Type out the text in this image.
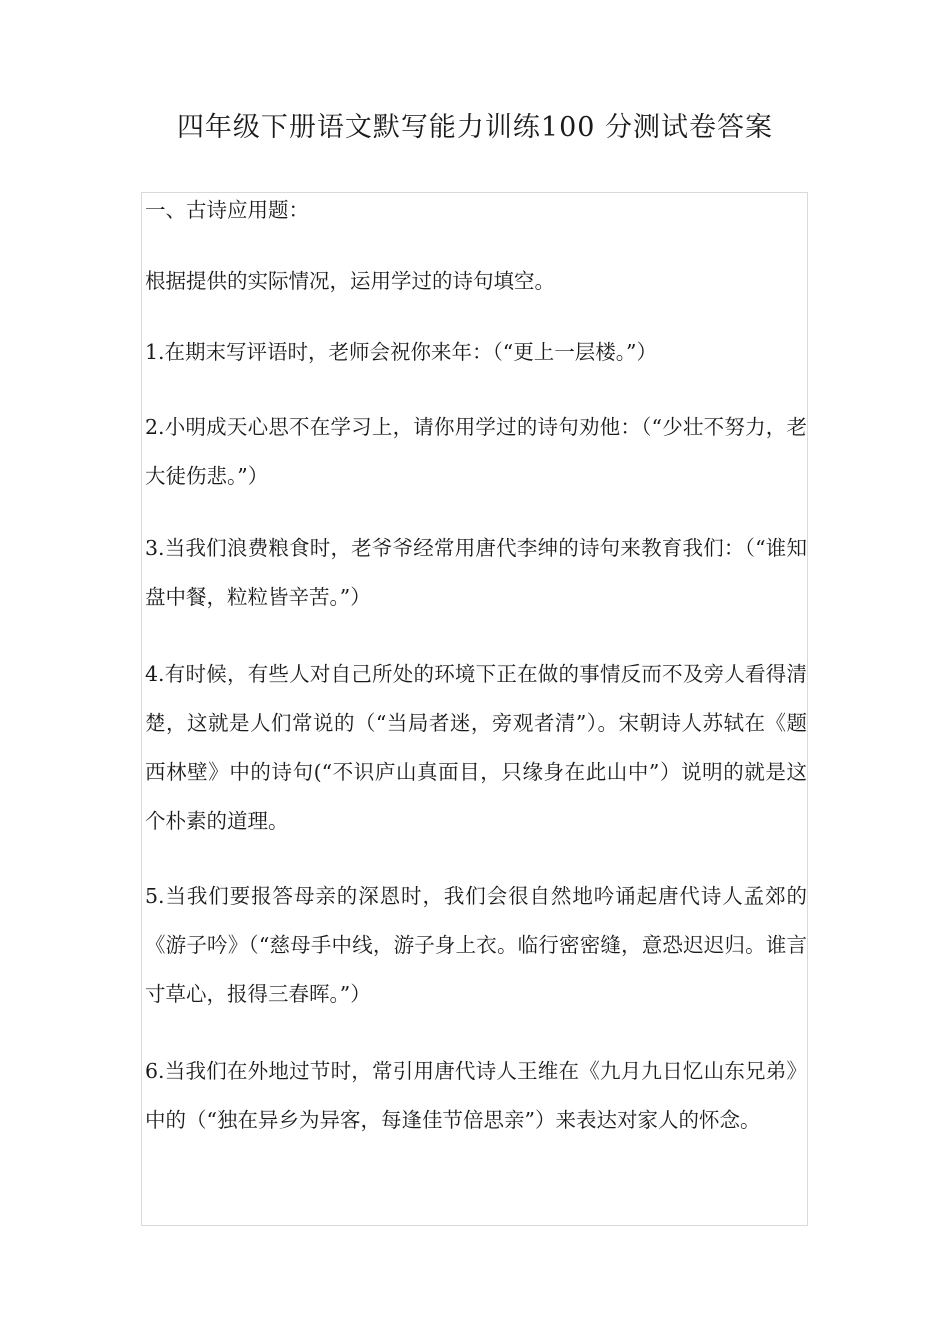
四年级下册语文默写能力训练100 分测试卷答案
一、古诗应用题：
根据提供的实际情况，运用学过的诗句填空。
1.在期末写评语时，老师会祝你来年：（“更上一层楼。”）
2.小明成天心思不在学习上，请你用学过的诗句劝他：（“少壮不努力，老大徒伤悲。”）
3.当我们浪费粮食时，老爷爷经常用唐代李绅的诗句来教育我们：（“谁知盘中餐，粒粒皆辛苦。”）
4.有时候，有些人对自己所处的环境下正在做的事情反而不及旁人看得清楚，这就是人们常说的（“当局者迷，旁观者清”）。宋朝诗人苏轼在《题西林壁》中的诗句(“不识庐山真面目，只缘身在此山中”）说明的就是这个朴素的道理。
5.当我们要报答母亲的深恩时，我们会很自然地吟诵起唐代诗人孟郊的《游子吟》（“慈母手中线，游子身上衣。临行密密缝，意恐迟迟归。谁言寸草心，报得三春晖。”）
6.当我们在外地过节时，常引用唐代诗人王维在《九月九日忆山东兄弟》中的（“独在异乡为异客，每逢佳节倍思亲”）来表达对家人的怀念。
